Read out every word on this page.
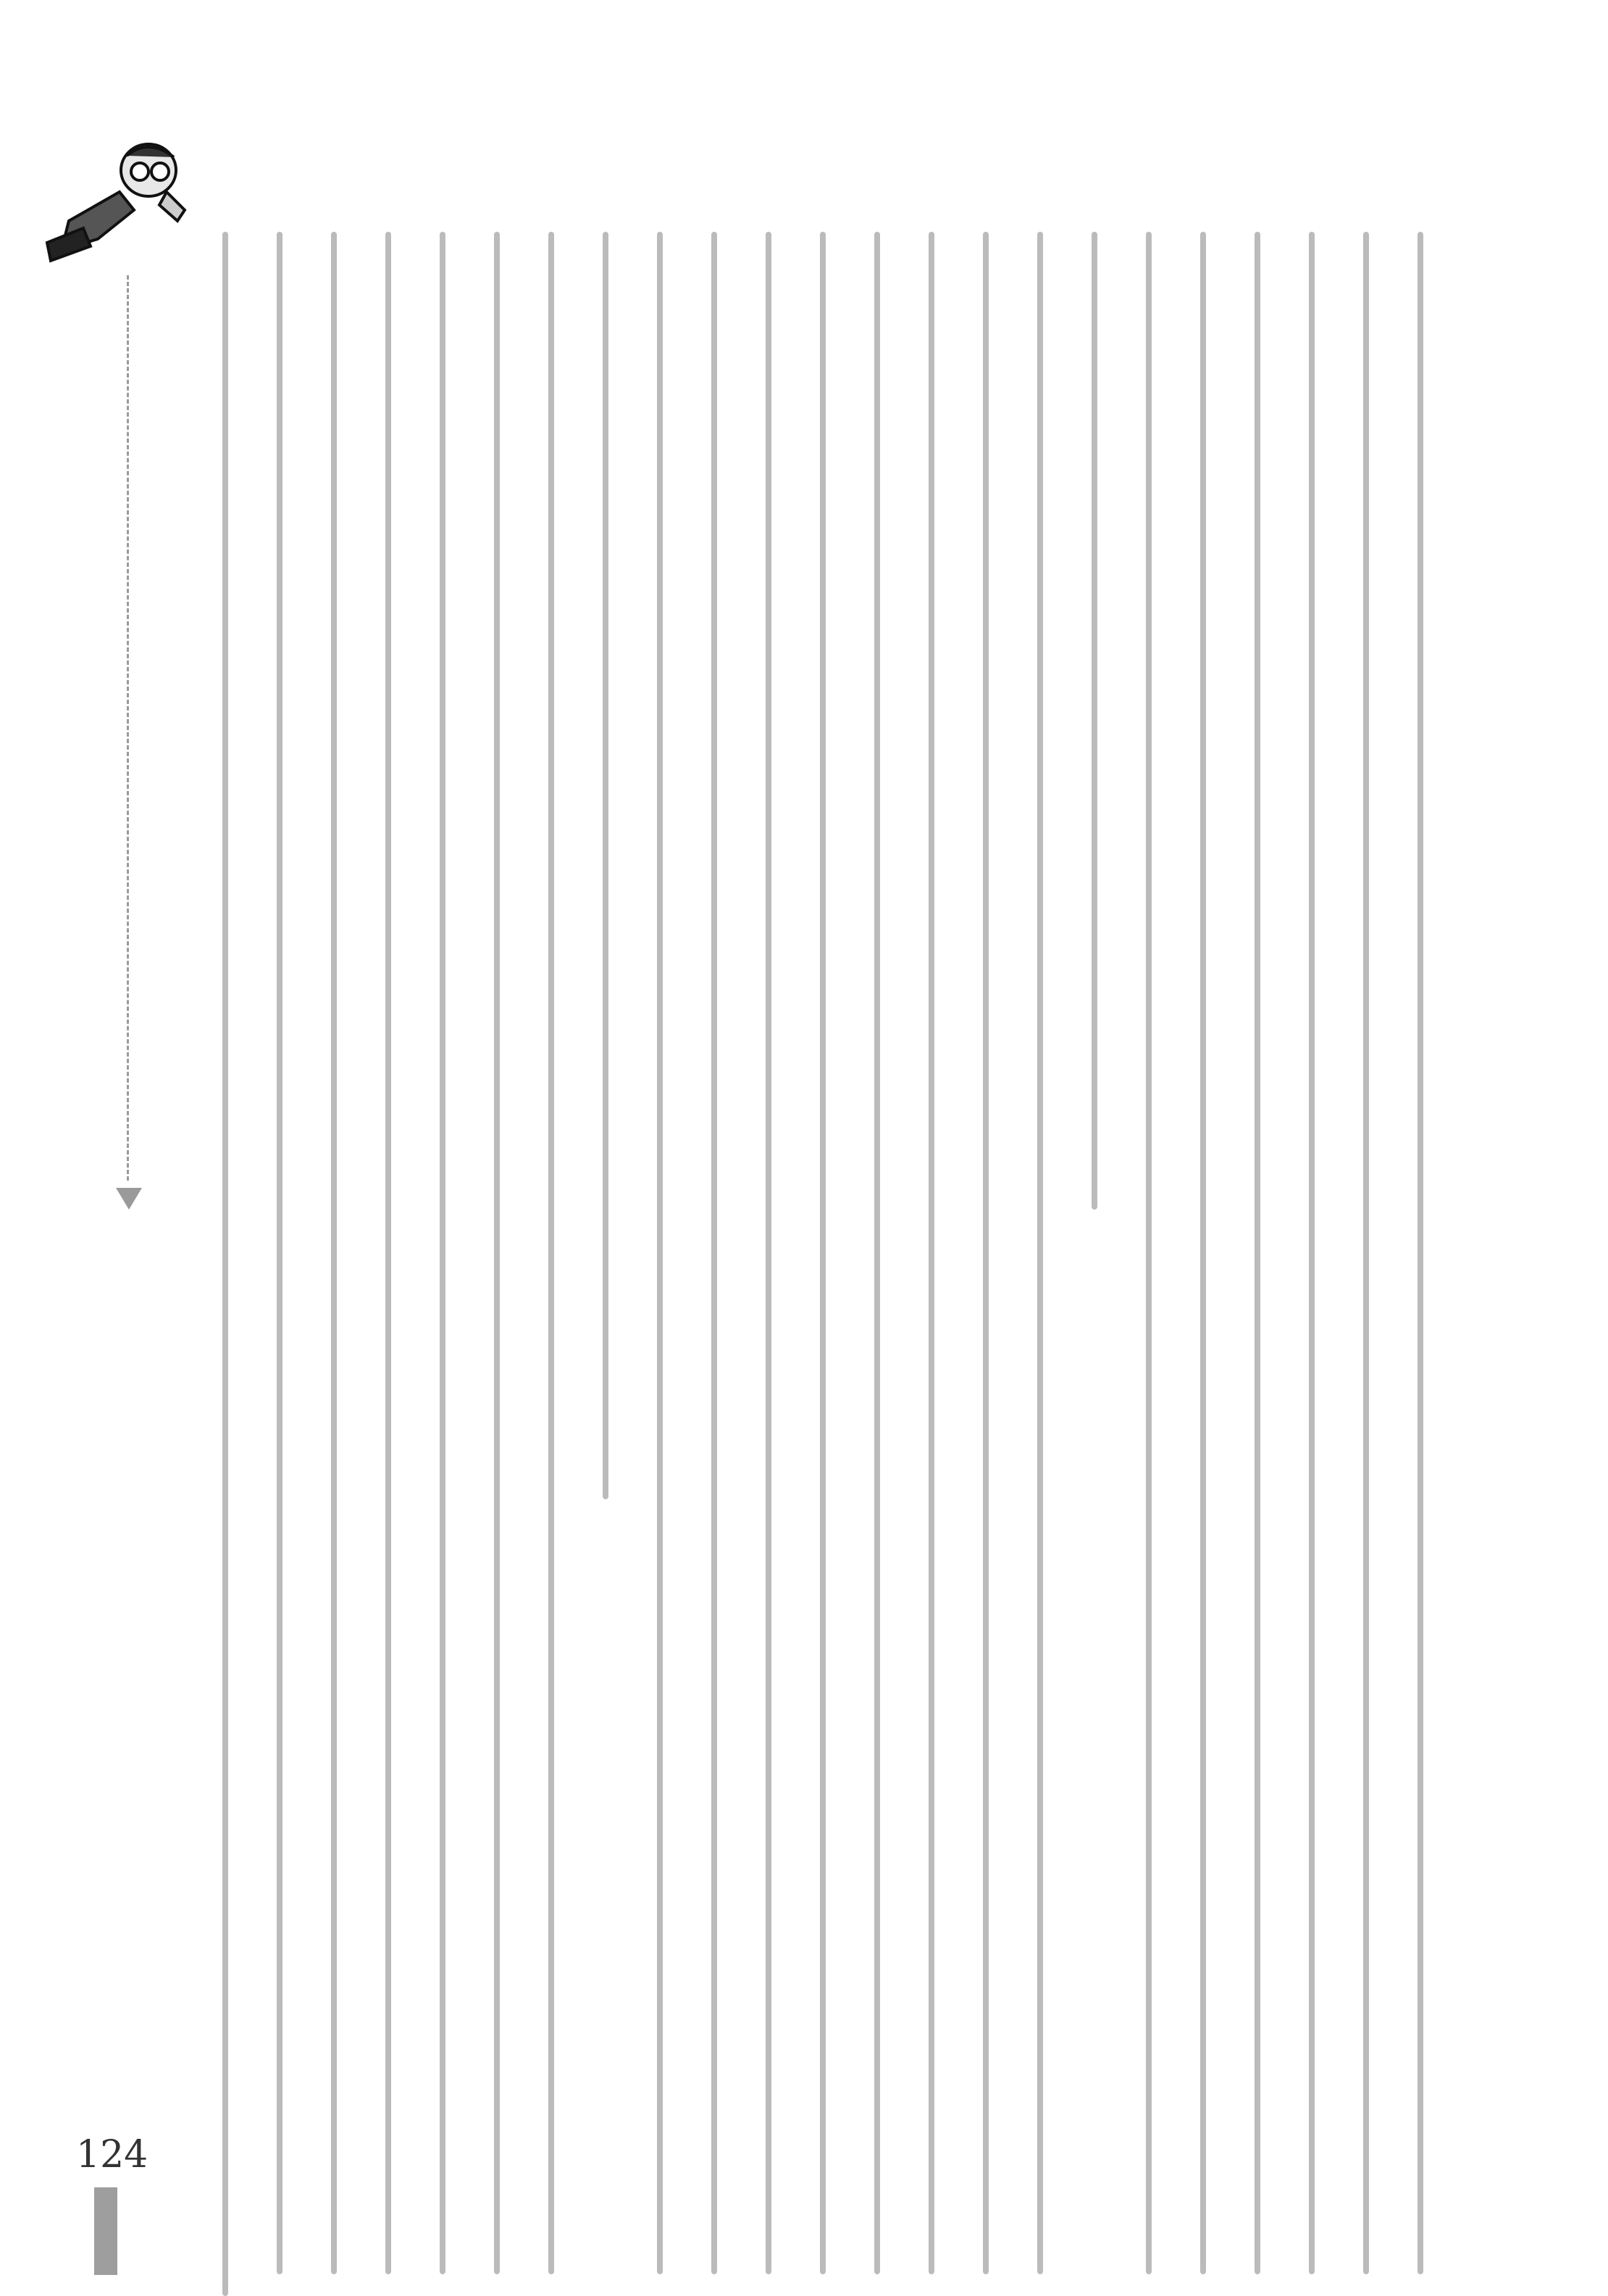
124
